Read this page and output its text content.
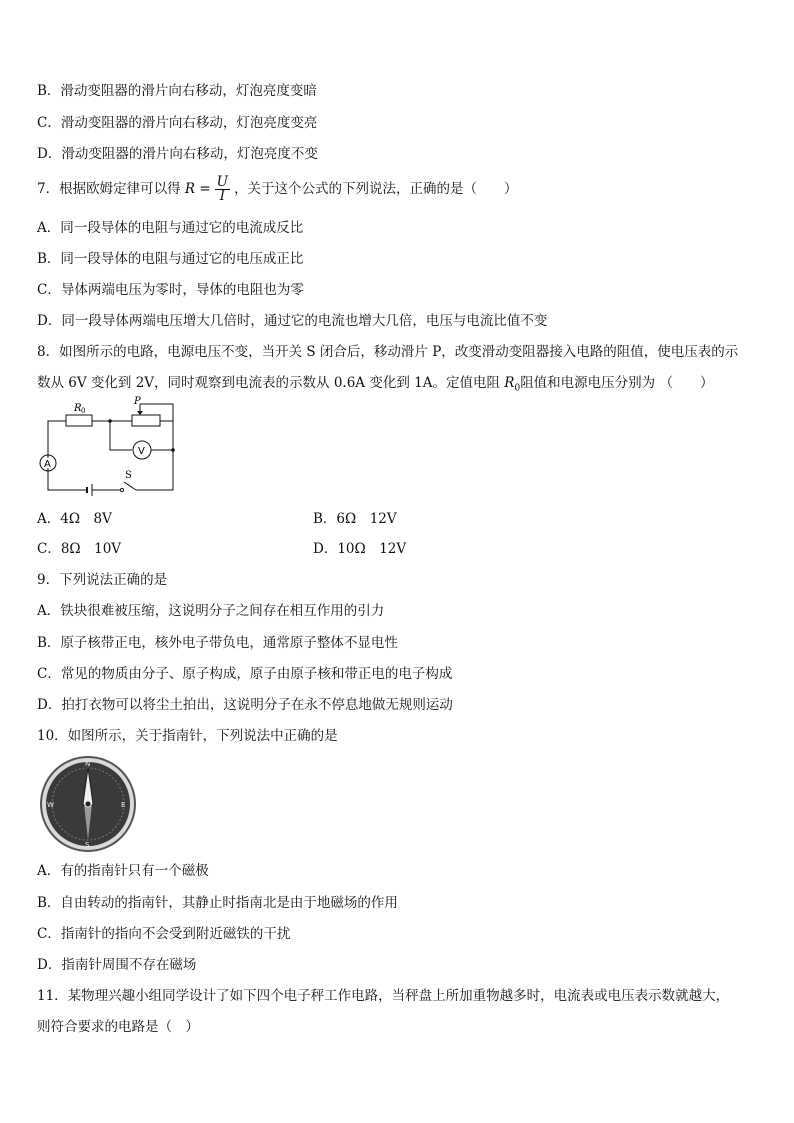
B．滑动变阻器的滑片向右移动，灯泡亮度变暗
C．滑动变阻器的滑片向右移动，灯泡亮度变亮
D．滑动变阻器的滑片向右移动，灯泡亮度不变
7．根据欧姆定律可以得 $R = \frac{U}{I}$ ，关于这个公式的下列说法，正确的是（　　）
A．同一段导体的电阻与通过它的电流成反比
B．同一段导体的电阻与通过它的电压成正比
C．导体两端电压为零时，导体的电阻也为零
D．同一段导体两端电压增大几倍时，通过它的电流也增大几倍，电压与电流比值不变
8．如图所示的电路，电源电压不变，当开关 S 闭合后，移动滑片 P，改变滑动变阻器接入电路的阻值，使电压表的示
数从 6V 变化到 2V，同时观察到电流表的示数从 0.6A 变化到 1A。定值电阻 $R_0$阻值和电源电压分别为 （　　）
R 0
P
V
A
S
A．4Ω　8V	B．6Ω　12V
C．8Ω　10V	D．10Ω　12V
9．下列说法正确的是
A．铁块很难被压缩，这说明分子之间存在相互作用的引力
B．原子核带正电，核外电子带负电，通常原子整体不显电性
C．常见的物质由分子、原子构成，原子由原子核和带正电的电子构成
D．拍打衣物可以将尘土拍出，这说明分子在永不停息地做无规则运动
10．如图所示，关于指南针，下列说法中正确的是
N
S
E
W
A．有的指南针只有一个磁极
B．自由转动的指南针，其静止时指南北是由于地磁场的作用
C．指南针的指向不会受到附近磁铁的干扰
D．指南针周围不存在磁场
11．某物理兴趣小组同学设计了如下四个电子秤工作电路，当秤盘上所加重物越多时，电流表或电压表示数就越大，
则符合要求的电路是（　）
